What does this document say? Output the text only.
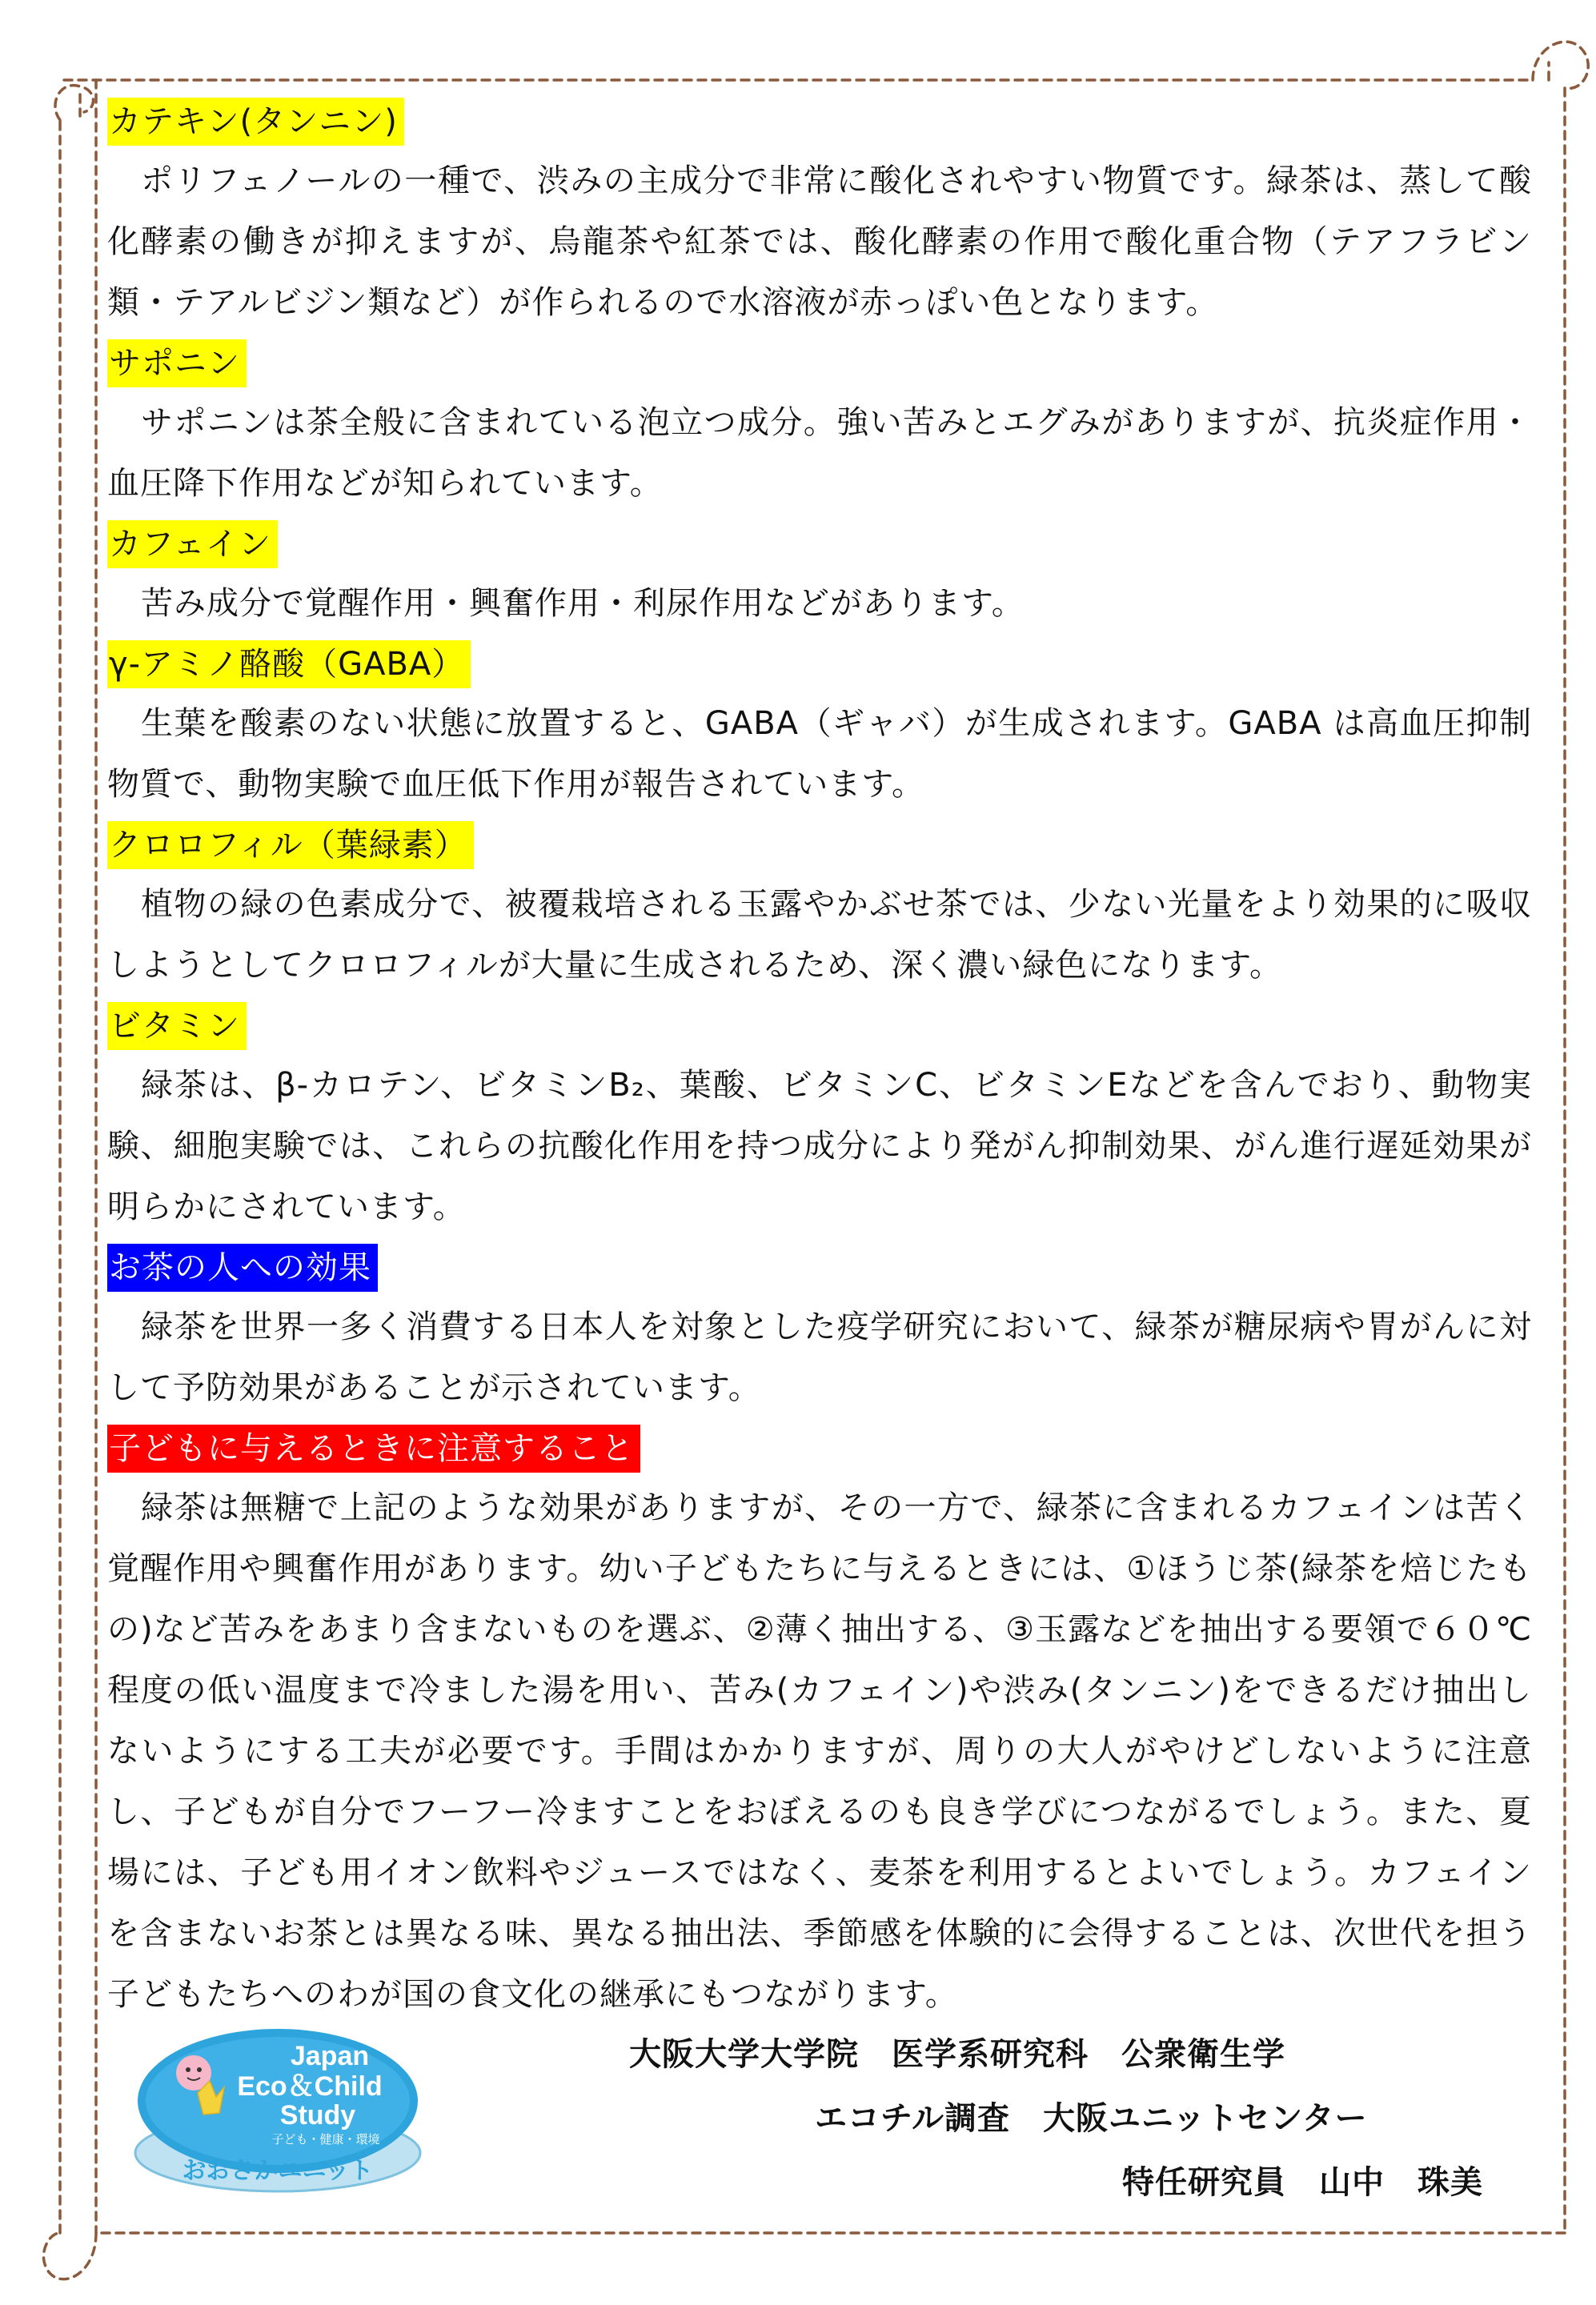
カテキン(タンニン)

ポリフェノールの一種で、渋みの主成分で非常に酸化されやすい物質です。緑茶は、蒸して酸化酵素の働きが抑えますが、烏龍茶や紅茶では、酸化酵素の作用で酸化重合物（テアフラビン類・テアルビジン類など）が作られるので水溶液が赤っぽい色となります。

サポニン

サポニンは茶全般に含まれている泡立つ成分。強い苦みとエグみがありますが、抗炎症作用・血圧降下作用などが知られています。

カフェイン

苦み成分で覚醒作用・興奮作用・利尿作用などがあります。

γ-アミノ酪酸（GABA）

生葉を酸素のない状態に放置すると、GABA（ギャバ）が生成されます。GABA は高血圧抑制物質で、動物実験で血圧低下作用が報告されています。

クロロフィル（葉緑素）

植物の緑の色素成分で、被覆栽培される玉露やかぶせ茶では、少ない光量をより効果的に吸収しようとしてクロロフィルが大量に生成されるため、深く濃い緑色になります。

ビタミン

緑茶は、β-カロテン、ビタミンB₂、葉酸、ビタミンC、ビタミンEなどを含んでおり、動物実験、細胞実験では、これらの抗酸化作用を持つ成分により発がん抑制効果、がん進行遅延効果が明らかにされています。

お茶の人への効果

緑茶を世界一多く消費する日本人を対象とした疫学研究において、緑茶が糖尿病や胃がんに対して予防効果があることが示されています。

子どもに与えるときに注意すること

緑茶は無糖で上記のような効果がありますが、その一方で、緑茶に含まれるカフェインは苦く覚醒作用や興奮作用があります。幼い子どもたちに与えるときには、①ほうじ茶(緑茶を焙じたもの)など苦みをあまり含まないものを選ぶ、②薄く抽出する、③玉露などを抽出する要領で６０℃程度の低い温度まで冷ました湯を用い、苦み(カフェイン)や渋み(タンニン)をできるだけ抽出しないようにする工夫が必要です。手間はかかりますが、周りの大人がやけどしないように注意し、子どもが自分でフーフー冷ますことをおぼえるのも良き学びにつながるでしょう。また、夏場には、子ども用イオン飲料やジュースではなく、麦茶を利用するとよいでしょう。カフェインを含まないお茶とは異なる味、異なる抽出法、季節感を体験的に会得することは、次世代を担う子どもたちへのわが国の食文化の継承にもつながります。

Japan
Eco＆Child
Study
子ども・健康・環境
おおさかユニット
大阪大学大学院　医学系研究科　公衆衛生学
エコチル調査　大阪ユニットセンター
特任研究員　山中　珠美
